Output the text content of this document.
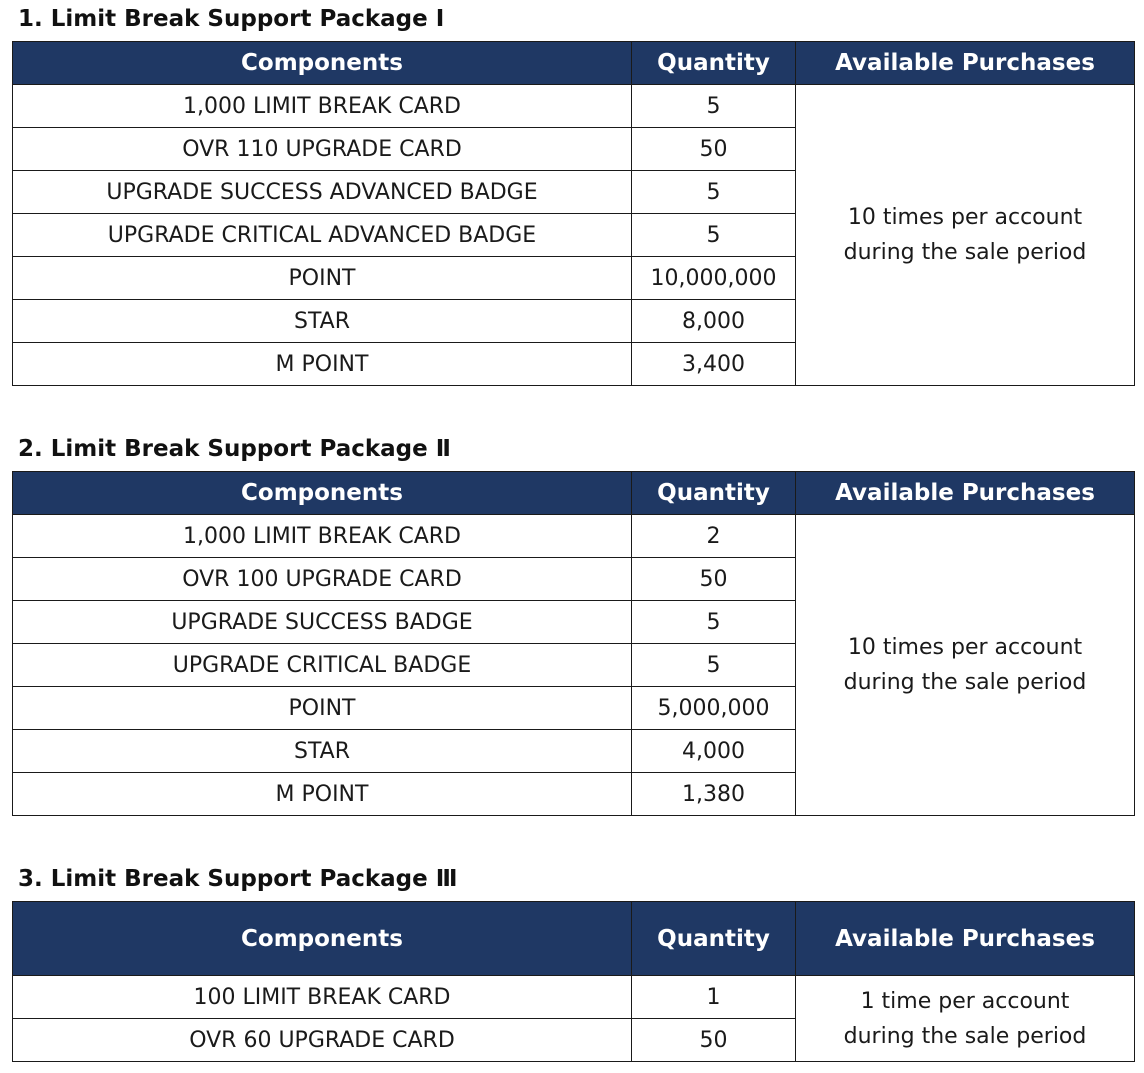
1. Limit Break Support Package Ⅰ
Components	Quantity	Available Purchases
1,000 LIMIT BREAK CARD	5	10 times per account
during the sale period

OVR 110 UPGRADE CARD	50	
UPGRADE SUCCESS ADVANCED BADGE	5	
UPGRADE CRITICAL ADVANCED BADGE	5	
POINT	10,000,000	
STAR	8,000	
M POINT	3,400	
2. Limit Break Support Package Ⅱ
Components	Quantity	Available Purchases
1,000 LIMIT BREAK CARD	2	10 times per account
during the sale period

OVR 100 UPGRADE CARD	50	
UPGRADE SUCCESS BADGE	5	
UPGRADE CRITICAL BADGE	5	
POINT	5,000,000	
STAR	4,000	
M POINT	1,380	
3. Limit Break Support Package Ⅲ
Components	Quantity	Available Purchases
100 LIMIT BREAK CARD	1	1 time per account
during the sale period

OVR 60 UPGRADE CARD	50	
